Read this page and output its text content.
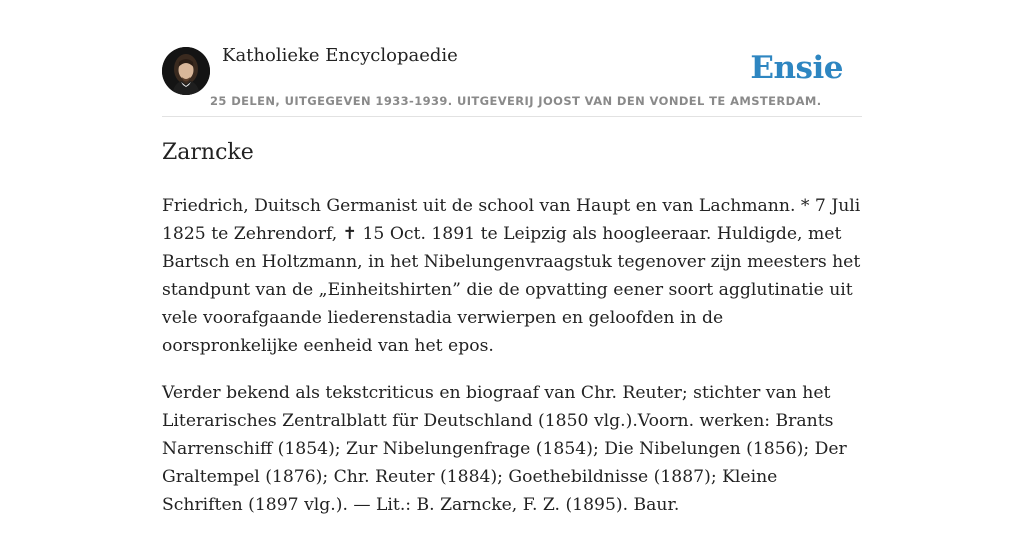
Katholieke Encyclopaedie	Ensie
25 DELEN, UITGEGEVEN 1933-1939. UITGEVERIJ JOOST VAN DEN VONDEL TE AMSTERDAM.
Zarncke

Friedrich, Duitsch Germanist uit de school van Haupt en van Lachmann. * 7 Juli 1825 te Zehrendorf, ✝ 15 Oct. 1891 te Leipzig als hoogleeraar. Huldigde, met Bartsch en Holtzmann, in het Nibelungenvraagstuk tegenover zijn meesters het standpunt van de „Einheitshirten” die de opvatting eener soort agglutinatie uit vele voorafgaande liederenstadia verwierpen en geloofden in de oorspronkelijke eenheid van het epos.

Verder bekend als tekstcriticus en biograaf van Chr. Reuter; stichter van het Literarisches Zentralblatt für Deutschland (1850 vlg.).Voorn. werken: Brants Narrenschiff (1854); Zur Nibelungenfrage (1854); Die Nibelungen (1856); Der Graltempel (1876); Chr. Reuter (1884); Goethebildnisse (1887); Kleine Schriften (1897 vlg.). — Lit.: B. Zarncke, F. Z. (1895). Baur.
